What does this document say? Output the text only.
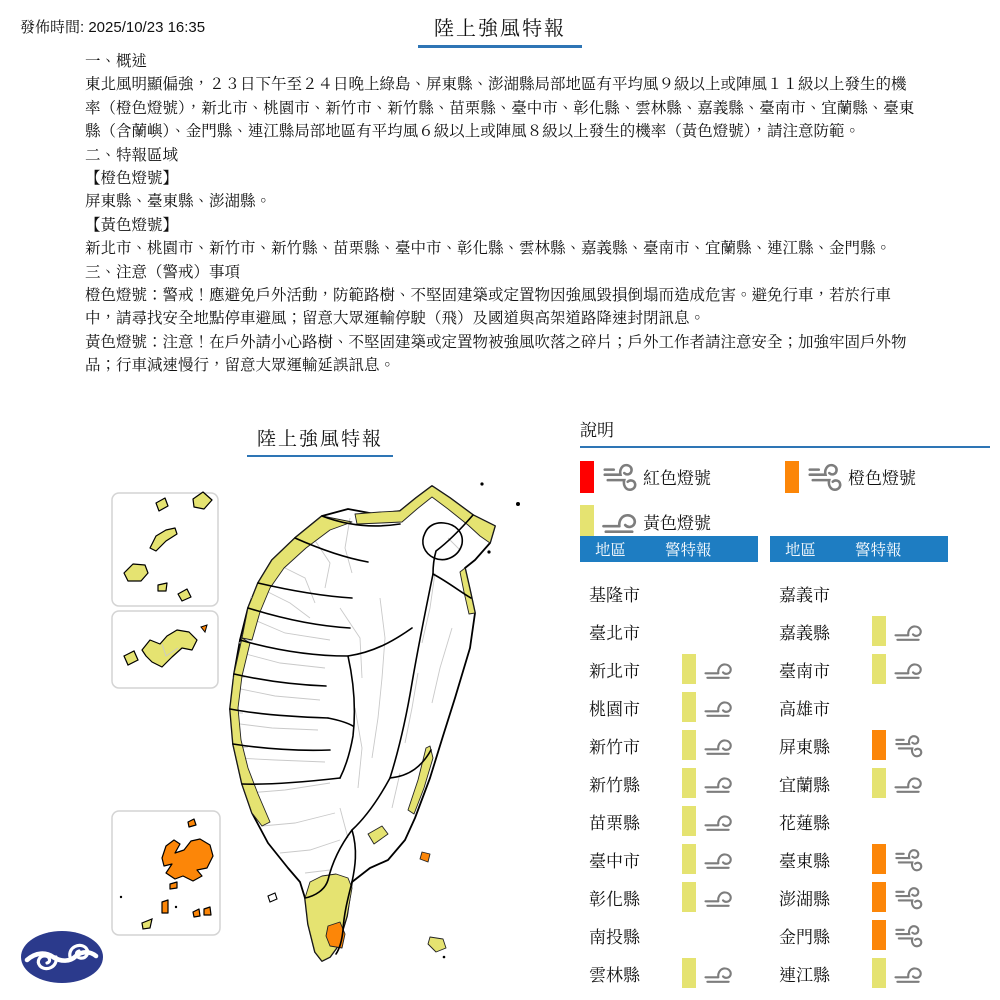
發佈時間: 2025/10/23 16:35	陸上強風特報

一、概述

東北風明顯偏強，２３日下午至２４日晚上綠島、屏東縣、澎湖縣局部地區有平均風９級以上或陣風１１級以上發生的機率（橙色燈號），新北市、桃園市、新竹市、新竹縣、苗栗縣、臺中市、彰化縣、雲林縣、嘉義縣、臺南市、宜蘭縣、臺東縣（含蘭嶼）、金門縣、連江縣局部地區有平均風６級以上或陣風８級以上發生的機率（黃色燈號），請注意防範。

二、特報區域

【橙色燈號】

屏東縣、臺東縣、澎湖縣。

【黃色燈號】

新北市、桃園市、新竹市、新竹縣、苗栗縣、臺中市、彰化縣、雲林縣、嘉義縣、臺南市、宜蘭縣、連江縣、金門縣。

三、注意（警戒）事項

橙色燈號：警戒！應避免戶外活動，防範路樹、不堅固建築或定置物因強風毀損倒塌而造成危害。避免行車，若於行車中，請尋找安全地點停車避風；留意大眾運輸停駛（飛）及國道與高架道路降速封閉訊息。

黃色燈號：注意！在戶外請小心路樹、不堅固建築或定置物被強風吹落之碎片；戶外工作者請注意安全；加強牢固戶外物品；行車減速慢行，留意大眾運輸延誤訊息。

陸上強風特報	說明
紅色燈號	橙色燈號
黃色燈號
地區	警特報
基隆市
臺北市
新北市
桃園市
新竹市
新竹縣
苗栗縣
臺中市
彰化縣
南投縣
雲林縣
地區	警特報
嘉義市
嘉義縣
臺南市
高雄市
屏東縣
宜蘭縣
花蓮縣
臺東縣
澎湖縣
金門縣
連江縣
